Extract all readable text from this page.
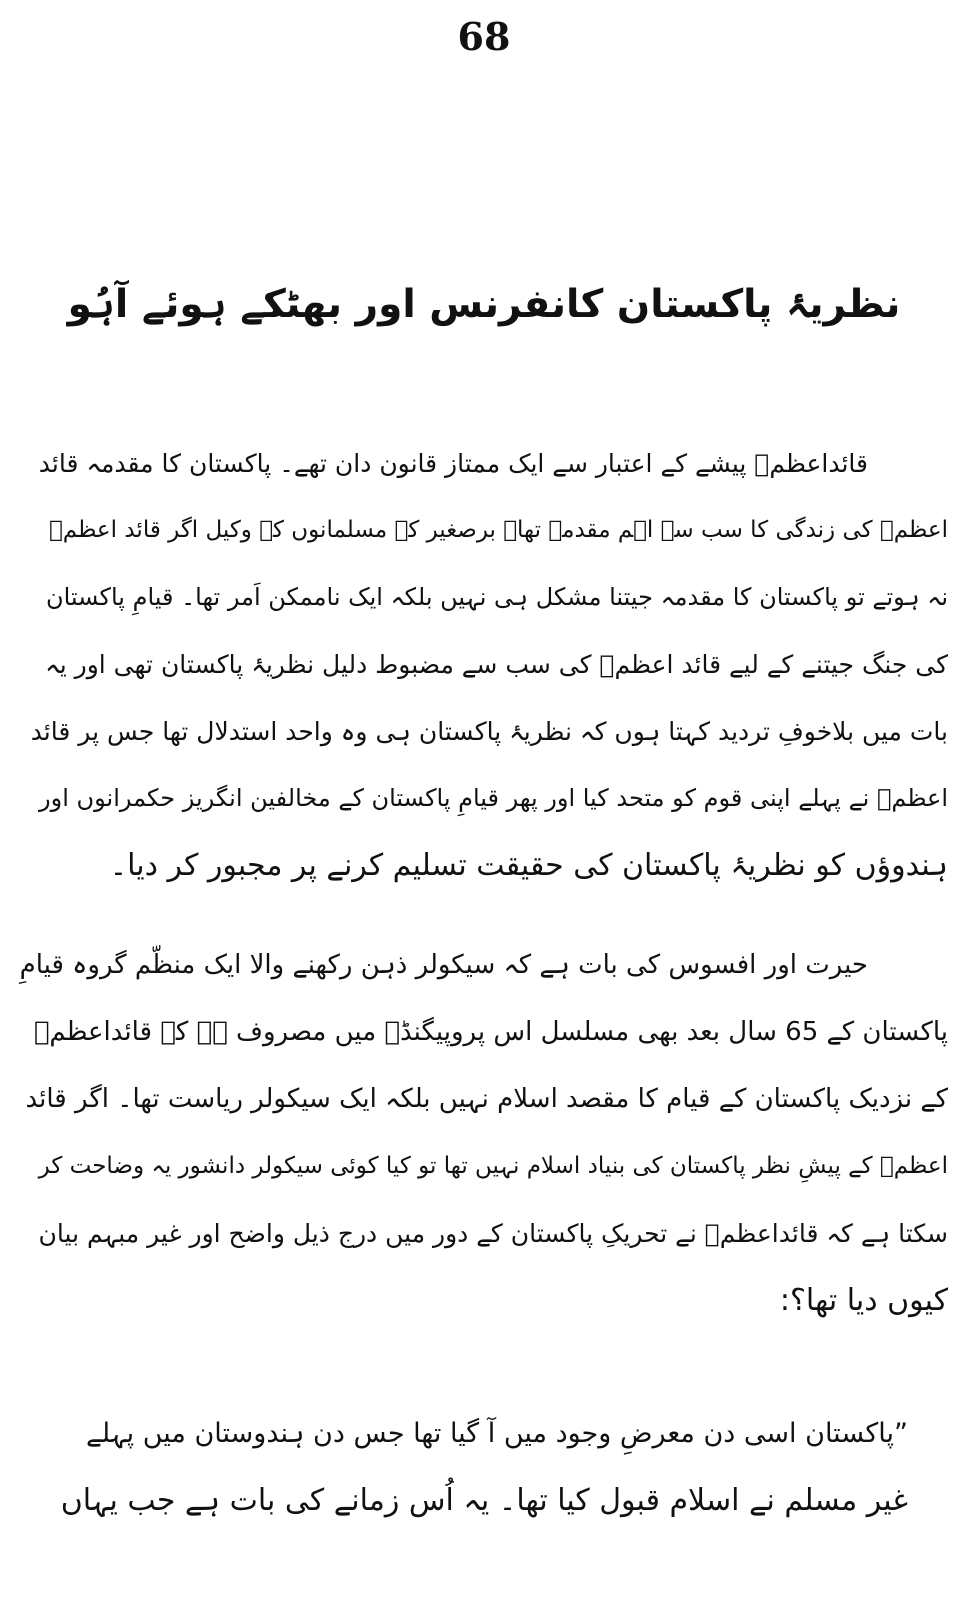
68
نظریۂ پاکستان کانفرنس اور بھٹکے ہوئے آہُو
قائداعظمؒ پیشے کے اعتبار سے ایک ممتاز قانون دان تھے۔ پاکستان کا مقدمہ قائد
اعظمؒ کی زندگی کا سب سے اہم مقدمہ تھا۔ برصغیر کے مسلمانوں کے وکیل اگر قائد اعظمؒ
نہ ہوتے تو پاکستان کا مقدمہ جیتنا مشکل ہی نہیں بلکہ ایک ناممکن اَمر تھا۔ قیامِ پاکستان
کی جنگ جیتنے کے لیے قائد اعظمؒ کی سب سے مضبوط دلیل نظریۂ پاکستان تھی اور یہ
بات میں بلاخوفِ تردید کہتا ہوں کہ نظریۂ پاکستان ہی وہ واحد استدلال تھا جس پر قائد
اعظمؒ نے پہلے اپنی قوم کو متحد کیا اور پھر قیامِ پاکستان کے مخالفین انگریز حکمرانوں اور
ہندوؤں کو نظریۂ پاکستان کی حقیقت تسلیم کرنے پر مجبور کر دیا۔
حیرت اور افسوس کی بات ہے کہ سیکولر ذہن رکھنے والا ایک منظّم گروہ قیامِ
پاکستان کے 65 سال بعد بھی مسلسل اس پروپیگنڈے میں مصروف ہے کہ قائداعظمؒ
کے نزدیک پاکستان کے قیام کا مقصد اسلام نہیں بلکہ ایک سیکولر ریاست تھا۔ اگر قائد
اعظمؒ کے پیشِ نظر پاکستان کی بنیاد اسلام نہیں تھا تو کیا کوئی سیکولر دانشور یہ وضاحت کر
سکتا ہے کہ قائداعظمؒ نے تحریکِ پاکستان کے دور میں درج ذیل واضح اور غیر مبہم بیان
کیوں دیا تھا؟:
”پاکستان اسی دن معرضِ وجود میں آ گیا تھا جس دن ہندوستان میں پہلے
غیر مسلم نے اسلام قبول کیا تھا۔ یہ اُس زمانے کی بات ہے جب یہاں
